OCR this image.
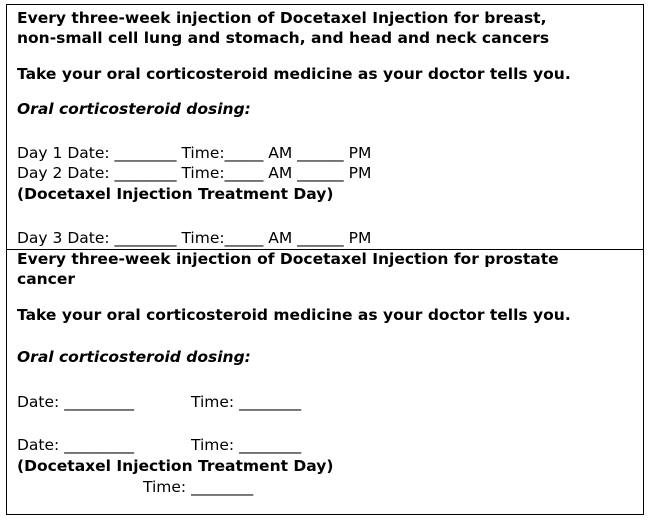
Every three-week injection of Docetaxel Injection for breast,
non-small cell lung and stomach, and head and neck cancers
Take your oral corticosteroid medicine as your doctor tells you.
Oral corticosteroid dosing:
Day 1 Date: ________ Time:_____ AM ______ PM
Day 2 Date: ________ Time:_____ AM ______ PM
(Docetaxel Injection Treatment Day)
Day 3 Date: ________ Time:_____ AM ______ PM
Every three-week injection of Docetaxel Injection for prostate
cancer
Take your oral corticosteroid medicine as your doctor tells you.
Oral corticosteroid dosing:
Date: _________	Time: ________
Date: _________	Time: ________
(Docetaxel Injection Treatment Day)
Time: ________
